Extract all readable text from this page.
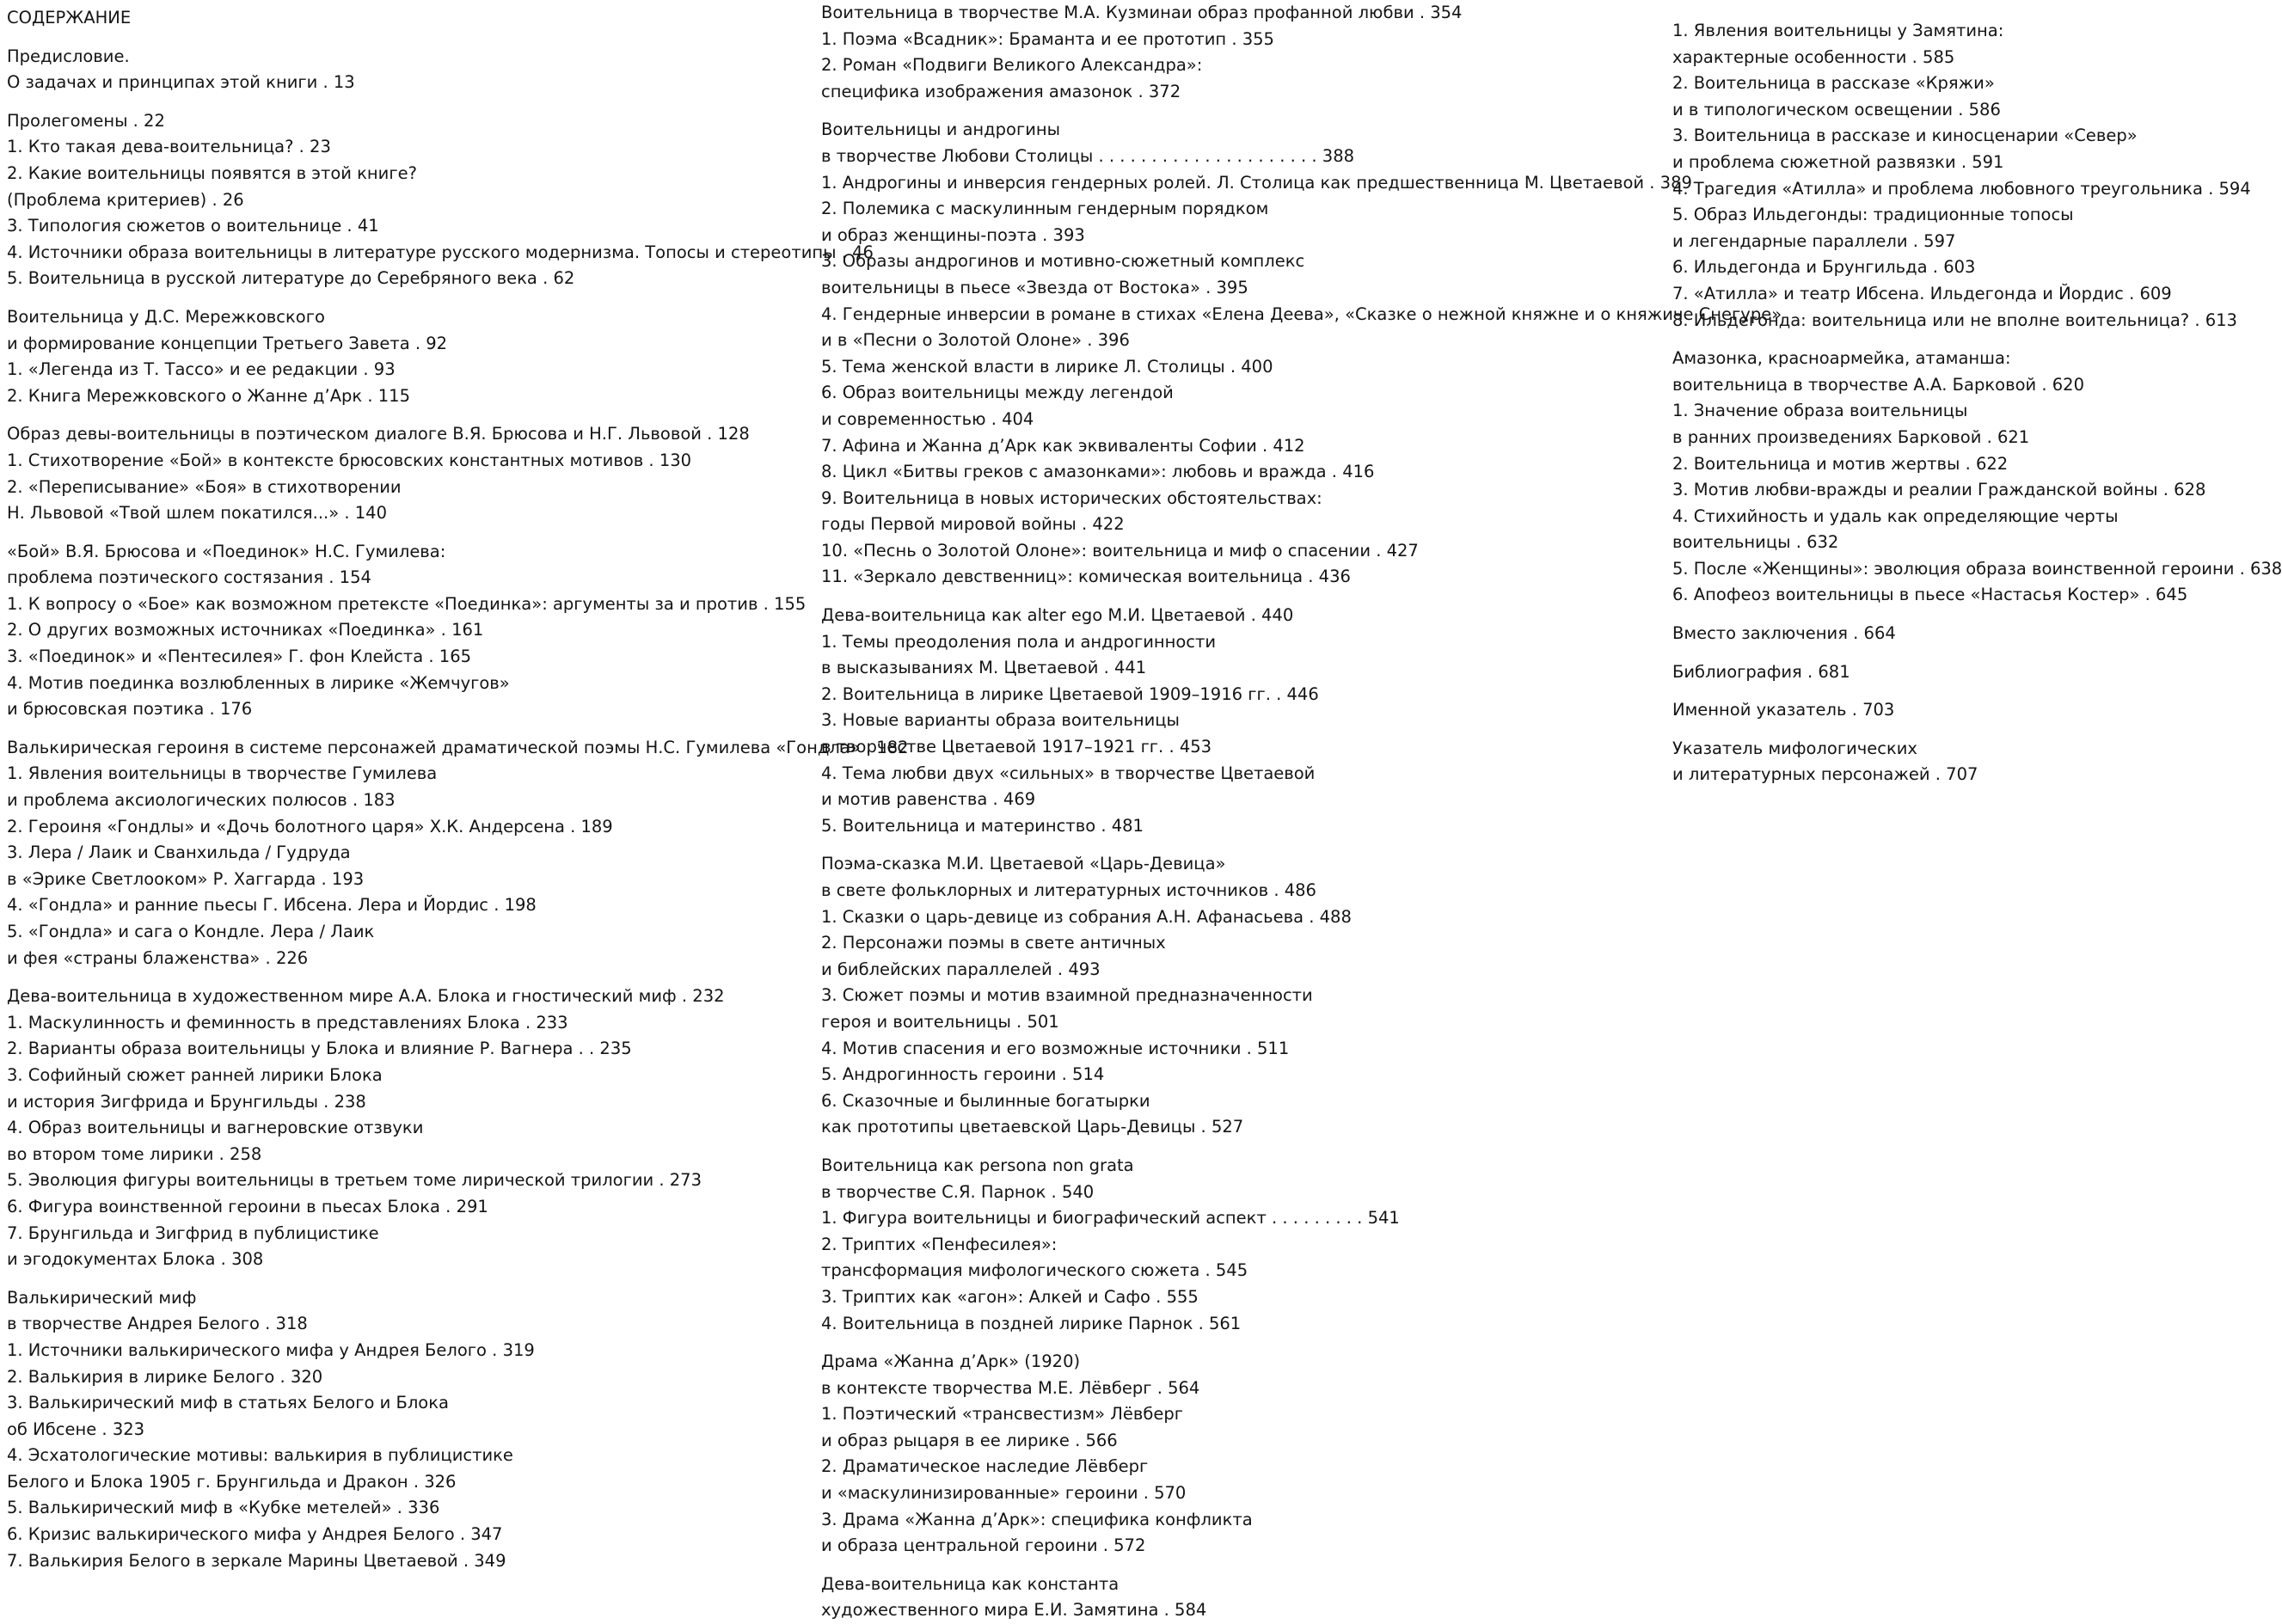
СОДЕРЖАНИЕ
Предисловие.
О задачах и принципах этой книги . 13
Пролегомены . 22
1. Кто такая дева-воительница? . 23
2. Какие воительницы появятся в этой книге?
(Проблема критериев) . 26
3. Типология сюжетов о воительнице . 41
4. Источники образа воительницы в литературе русского модернизма. Топосы и стереотипы . 46
5. Воительница в русской литературе до Серебряного века . 62
Воительница у Д.С. Мережковского
и формирование концепции Третьего Завета . 92
1. «Легенда из Т. Тассо» и ее редакции . 93
2. Книга Мережковского о Жанне д’Арк . 115
Образ девы-воительницы в поэтическом диалоге В.Я. Брюсова и Н.Г. Львовой . 128
1. Стихотворение «Бой» в контексте брюсовских константных мотивов . 130
2. «Переписывание» «Боя» в стихотворении
Н. Львовой «Твой шлем покатился...» . 140
«Бой» В.Я. Брюсова и «Поединок» Н.С. Гумилева:
проблема поэтического состязания . 154
1. К вопросу о «Бое» как возможном претексте «Поединка»: аргументы за и против . 155
2. О других возможных источниках «Поединка» . 161
3. «Поединок» и «Пентесилея» Г. фон Клейста . 165
4. Мотив поединка возлюбленных в лирике «Жемчугов»
и брюсовская поэтика . 176
Валькирическая героиня в системе персонажей драматической поэмы Н.С. Гумилева «Гондла» . 182
1. Явления воительницы в творчестве Гумилева
и проблема аксиологических полюсов . 183
2. Героиня «Гондлы» и «Дочь болотного царя» Х.К. Андерсена . 189
3. Лера / Лаик и Сванхильда / Гудруда
в «Эрике Светлооком» Р. Хаггарда . 193
4. «Гондла» и ранние пьесы Г. Ибсена. Лера и Йордис . 198
5. «Гондла» и сага о Кондле. Лера / Лаик
и фея «страны блаженства» . 226
Дева-воительница в художественном мире А.А. Блока и гностический миф . 232
1. Маскулинность и феминность в представлениях Блока . 233
2. Варианты образа воительницы у Блока и влияние Р. Вагнера . . 235
3. Софийный сюжет ранней лирики Блока
и история Зигфрида и Брунгильды . 238
4. Образ воительницы и вагнеровские отзвуки
во втором томе лирики . 258
5. Эволюция фигуры воительницы в третьем томе лирической трилогии . 273
6. Фигура воинственной героини в пьесах Блока . 291
7. Брунгильда и Зигфрид в публицистике
и эгодокументах Блока . 308
Валькирический миф
в творчестве Андрея Белого . 318
1. Источники валькирического мифа у Андрея Белого . 319
2. Валькирия в лирике Белого . 320
3. Валькирический миф в статьях Белого и Блока
об Ибсене . 323
4. Эсхатологические мотивы: валькирия в публицистике
Белого и Блока 1905 г. Брунгильда и Дракон . 326
5. Валькирический миф в «Кубке метелей» . 336
6. Кризис валькирического мифа у Андрея Белого . 347
7. Валькирия Белого в зеркале Марины Цветаевой . 349
Воительница в творчестве М.А. Кузминаи образ профанной любви . 354
1. Поэма «Всадник»: Браманта и ее прототип . 355
2. Роман «Подвиги Великого Александра»:
специфика изображения амазонок . 372
Воительницы и андрогины
в творчестве Любови Столицы . . . . . . . . . . . . . . . . . . . . . 388
1. Андрогины и инверсия гендерных ролей. Л. Столица как предшественница М. Цветаевой . 389
2. Полемика с маскулинным гендерным порядком
и образ женщины-поэта . 393
3. Образы андрогинов и мотивно-сюжетный комплекс
воительницы в пьесе «Звезда от Востока» . 395
4. Гендерные инверсии в романе в стихах «Елена Деева», «Сказке о нежной княжне и о княжиче Снегуре»
и в «Песни о Золотой Олоне» . 396
5. Тема женской власти в лирике Л. Столицы . 400
6. Образ воительницы между легендой
и современностью . 404
7. Афина и Жанна д’Арк как эквиваленты Софии . 412
8. Цикл «Битвы греков с амазонками»: любовь и вражда . 416
9. Воительница в новых исторических обстоятельствах:
годы Первой мировой войны . 422
10. «Песнь о Золотой Олоне»: воительница и миф о спасении . 427
11. «Зеркало девственниц»: комическая воительница . 436
Дева-воительница как alter ego М.И. Цветаевой . 440
1. Темы преодоления пола и андрогинности
в высказываниях М. Цветаевой . 441
2. Воительница в лирике Цветаевой 1909–1916 гг. . 446
3. Новые варианты образа воительницы
в творчестве Цветаевой 1917–1921 гг. . 453
4. Тема любви двух «сильных» в творчестве Цветаевой
и мотив равенства . 469
5. Воительница и материнство . 481
Поэма-сказка М.И. Цветаевой «Царь-Девица»
в свете фольклорных и литературных источников . 486
1. Сказки о царь-девице из собрания А.Н. Афанасьева . 488
2. Персонажи поэмы в свете античных
и библейских параллелей . 493
3. Сюжет поэмы и мотив взаимной предназначенности
героя и воительницы . 501
4. Мотив спасения и его возможные источники . 511
5. Андрогинность героини . 514
6. Сказочные и былинные богатырки
как прототипы цветаевской Царь-Девицы . 527
Воительница как persona non grata
в творчестве С.Я. Парнок . 540
1. Фигура воительницы и биографический аспект . . . . . . . . . 541
2. Триптих «Пенфесилея»:
трансформация мифологического сюжета . 545
3. Триптих как «агон»: Алкей и Сафо . 555
4. Воительница в поздней лирике Парнок . 561
Драма «Жанна д’Арк» (1920)
в контексте творчества М.Е. Лёвберг . 564
1. Поэтический «трансвестизм» Лёвберг
и образ рыцаря в ее лирике . 566
2. Драматическое наследие Лёвберг
и «маскулинизированные» героини . 570
3. Драма «Жанна д’Арк»: специфика конфликта
и образа центральной героини . 572
Дева-воительница как константа
художественного мира Е.И. Замятина . 584
1. Явления воительницы у Замятина:
характерные особенности . 585
2. Воительница в рассказе «Кряжи»
и в типологическом освещении . 586
3. Воительница в рассказе и киносценарии «Север»
и проблема сюжетной развязки . 591
4. Трагедия «Атилла» и проблема любовного треугольника . 594
5. Образ Ильдегонды: традиционные топосы
и легендарные параллели . 597
6. Ильдегонда и Брунгильда . 603
7. «Атилла» и театр Ибсена. Ильдегонда и Йордис . 609
8. Ильдегонда: воительница или не вполне воительница? . 613
Амазонка, красноармейка, атаманша:
воительница в творчестве А.А. Барковой . 620
1. Значение образа воительницы
в ранних произведениях Барковой . 621
2. Воительница и мотив жертвы . 622
3. Мотив любви-вражды и реалии Гражданской войны . 628
4. Стихийность и удаль как определяющие черты
воительницы . 632
5. После «Женщины»: эволюция образа воинственной героини . 638
6. Апофеоз воительницы в пьесе «Настасья Костер» . 645
Вместо заключения . 664
Библиография . 681
Именной указатель . 703
Указатель мифологических
и литературных персонажей . 707
